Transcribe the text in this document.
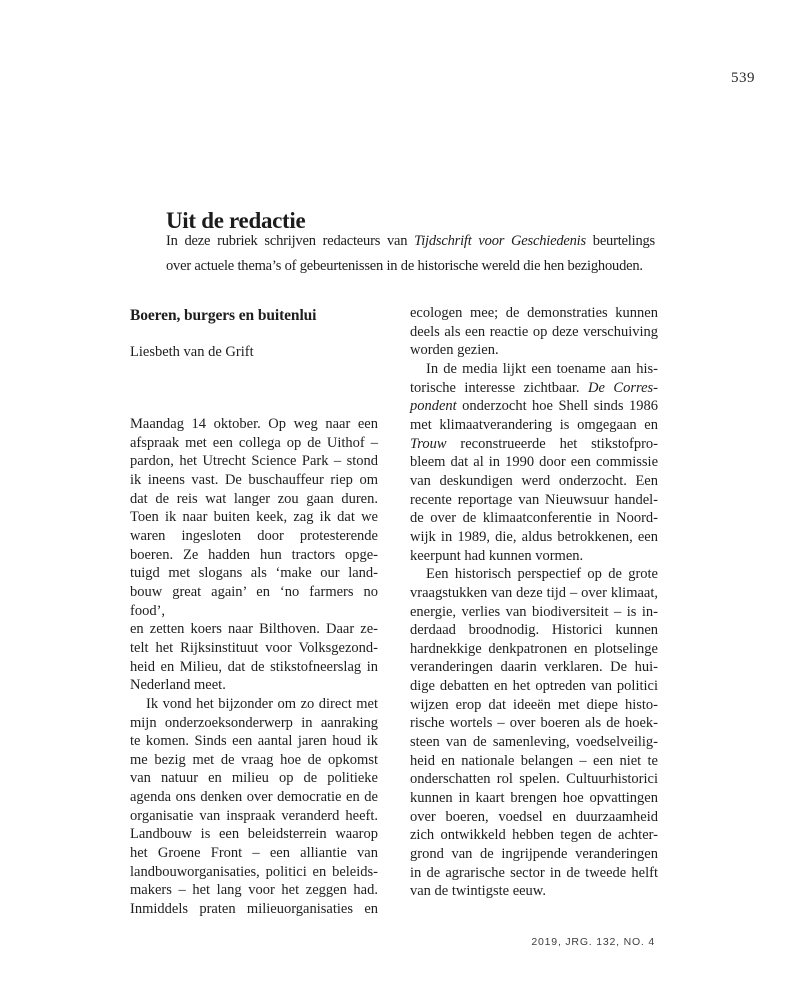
539
Uit de redactie
In deze rubriek schrijven redacteurs van Tijdschrift voor Geschiedenis beurtelings
over actuele thema’s of gebeurtenissen in de historische wereld die hen bezighouden.
Boeren, burgers en buitenlui
Liesbeth van de Grift
Maandag 14 oktober. Op weg naar een
afspraak met een collega op de Uithof –
pardon, het Utrecht Science Park – stond
ik ineens vast. De buschauffeur riep om
dat de reis wat langer zou gaan duren.
Toen ik naar buiten keek, zag ik dat we
waren ingesloten door protesterende
boeren. Ze hadden hun tractors opge-
tuigd met slogans als ‘make our land-
bouw great again’ en ‘no farmers no food’,
en zetten koers naar Bilthoven. Daar ze-
telt het Rijksinstituut voor Volksgezond-
heid en Milieu, dat de stikstofneerslag in
Nederland meet.
Ik vond het bijzonder om zo direct met
mijn onderzoeksonderwerp in aanraking
te komen. Sinds een aantal jaren houd ik
me bezig met de vraag hoe de opkomst
van natuur en milieu op de politieke
agenda ons denken over democratie en de
organisatie van inspraak veranderd heeft.
Landbouw is een beleidsterrein waarop
het Groene Front – een alliantie van
landbouworganisaties, politici en beleids-
makers – het lang voor het zeggen had.
Inmiddels praten milieuorganisaties en
ecologen mee; de demonstraties kunnen
deels als een reactie op deze verschuiving
worden gezien.
In de media lijkt een toename aan his-
torische interesse zichtbaar. De Corres-
pondent onderzocht hoe Shell sinds 1986
met klimaatverandering is omgegaan en
Trouw reconstrueerde het stikstofpro-
bleem dat al in 1990 door een commissie
van deskundigen werd onderzocht. Een
recente reportage van Nieuwsuur handel-
de over de klimaatconferentie in Noord-
wijk in 1989, die, aldus betrokkenen, een
keerpunt had kunnen vormen.
Een historisch perspectief op de grote
vraagstukken van deze tijd – over klimaat,
energie, verlies van biodiversiteit – is in-
derdaad broodnodig. Historici kunnen
hardnekkige denkpatronen en plotselinge
veranderingen daarin verklaren. De hui-
dige debatten en het optreden van politici
wijzen erop dat ideeën met diepe histo-
rische wortels – over boeren als de hoek-
steen van de samenleving, voedselveilig-
heid en nationale belangen – een niet te
onderschatten rol spelen. Cultuurhistorici
kunnen in kaart brengen hoe opvattingen
over boeren, voedsel en duurzaamheid
zich ontwikkeld hebben tegen de achter-
grond van de ingrijpende veranderingen
in de agrarische sector in de tweede helft
van de twintigste eeuw.
2019, JRG. 132, NO. 4
